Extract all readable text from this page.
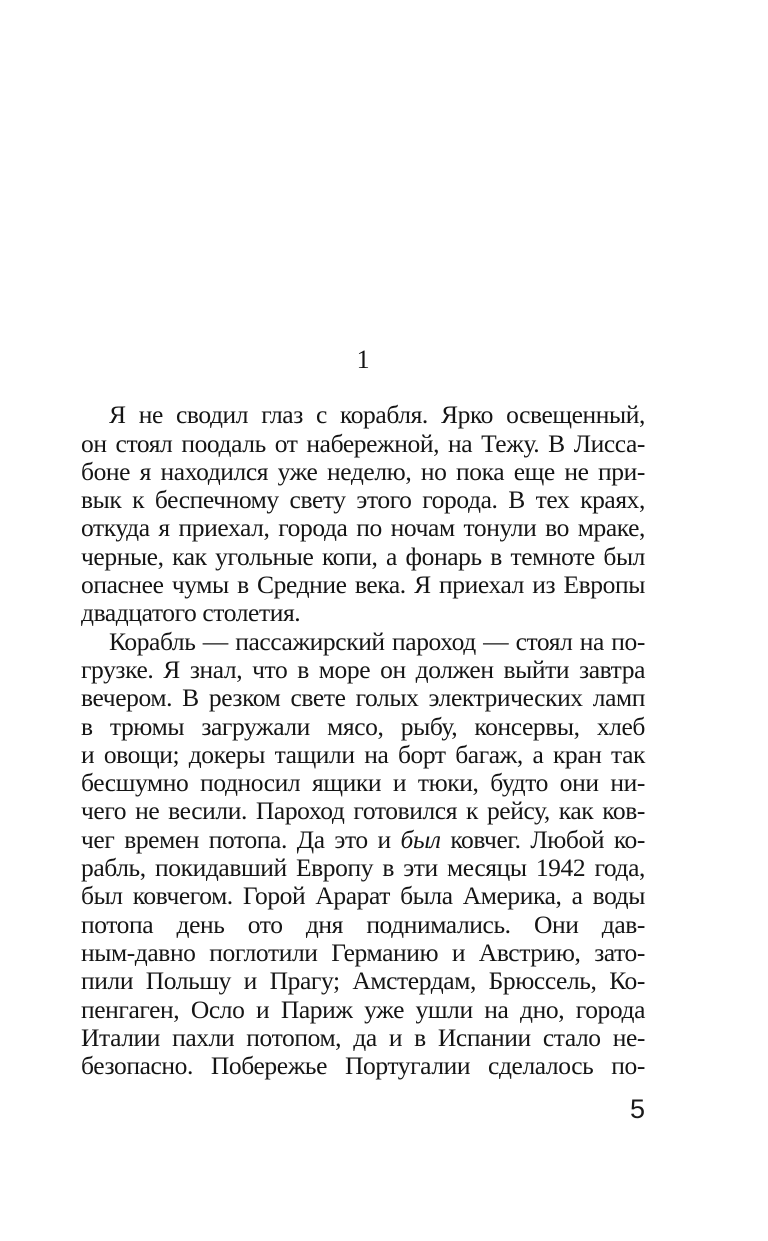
1
Я не сводил глаз с корабля. Ярко освещенный,
он стоял поодаль от набережной, на Тежу. В Лисса-
боне я находился уже неделю, но пока еще не при-
вык к беспечному свету этого города. В тех краях,
откуда я приехал, города по ночам тонули во мраке,
черные, как угольные копи, а фонарь в темноте был
опаснее чумы в Средние века. Я приехал из Европы
двадцатого столетия.
Корабль — пассажирский пароход — стоял на по-
грузке. Я знал, что в море он должен выйти завтра
вечером. В резком свете голых электрических ламп
в трюмы загружали мясо, рыбу, консервы, хлеб
и овощи; докеры тащили на борт багаж, а кран так
бесшумно подносил ящики и тюки, будто они ни-
чего не весили. Пароход готовился к рейсу, как ков-
чег времен потопа. Да это и был ковчег. Любой ко-
рабль, покидавший Европу в эти месяцы 1942 года,
был ковчегом. Горой Арарат была Америка, а воды
потопа день ото дня поднимались. Они дав-
ным-давно поглотили Германию и Австрию, зато-
пили Польшу и Прагу; Амстердам, Брюссель, Ко-
пенгаген, Осло и Париж уже ушли на дно, города
Италии пахли потопом, да и в Испании стало не-
безопасно. Побережье Португалии сделалось по-
5
